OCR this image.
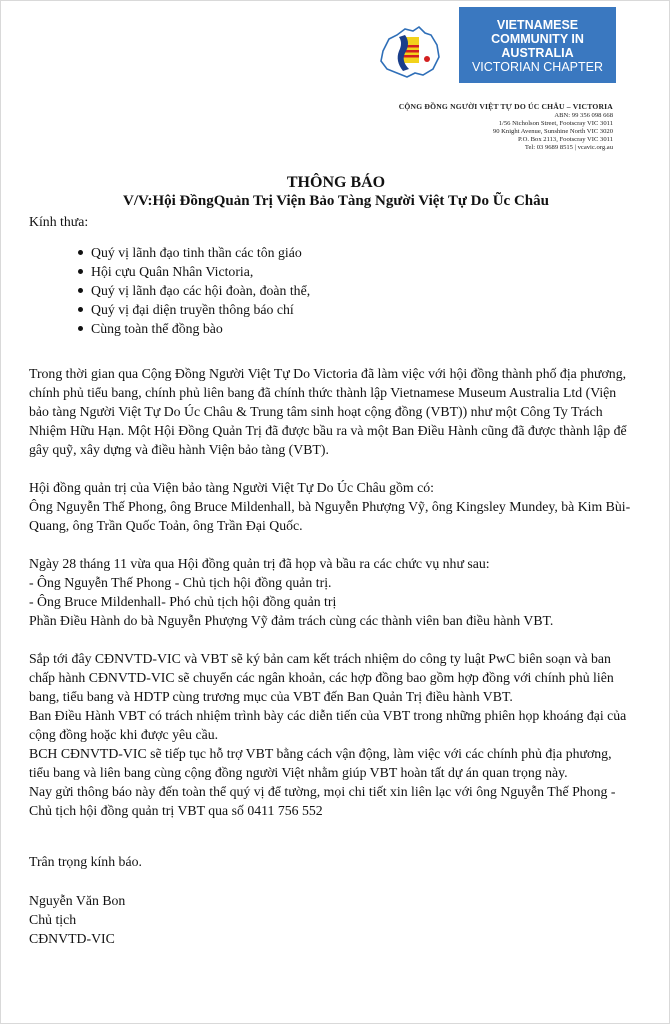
VIETNAMESE
COMMUNITY IN
AUSTRALIA
VICTORIAN CHAPTER
CỘNG ĐỒNG NGƯỜI VIỆT TỰ DO ÚC CHÂU – VICTORIA
ABN: 99 356 098 668
1/56 Nicholson Street, Footscray VIC 3011
90 Knight Avenue, Sunshine North VIC 3020
P.O. Box 2113, Footscray VIC 3011
Tel: 03 9689 8515 | vcavic.org.au
THÔNG BÁO
V/V:Hội ĐồngQuản Trị Viện Bảo Tàng Người Việt Tự Do Ũc Châu

Kính thưa:

Quý vị lãnh đạo tinh thần các tôn giáo
Hội cựu Quân Nhân Victoria,
Quý vị lãnh đạo các hội đoàn, đoàn thể,
Quý vị đại diện truyền thông báo chí
Cùng toàn thể đồng bào

Trong thời gian qua Cộng Đồng Người Việt Tự Do Victoria đã làm việc với hội đồng thành phố địa phương, chính phủ tiểu bang, chính phủ liên bang đã chính thức thành lập Vietnamese Museum Australia Ltd (Viện bảo tàng Người Việt Tự Do Úc Châu & Trung tâm sinh hoạt cộng đồng (VBT)) như một Công Ty Trách Nhiệm Hữu Hạn. Một Hội Đồng Quản Trị đã được bầu ra và một Ban Điều Hành cũng đã được thành lập để gây quỹ, xây dựng và điều hành Viện bảo tàng (VBT).

Hội đồng quản trị của Viện bảo tàng Người Việt Tự Do Úc Châu gồm có:

Ông Nguyễn Thế Phong, ông Bruce Mildenhall, bà Nguyễn Phượng Vỹ, ông Kingsley Mundey, bà Kim Bùi-Quang, ông Trần Quốc Toản, ông Trần Đại Quốc.

Ngày 28 tháng 11 vừa qua Hội đồng quản trị đã họp và bầu ra các chức vụ như sau:

- Ông Nguyễn Thế Phong - Chủ tịch hội đồng quản trị.

- Ông Bruce Mildenhall- Phó chủ tịch hội đồng quản trị

Phần Điều Hành do bà Nguyễn Phượng Vỹ đảm trách cùng các thành viên ban điều hành VBT.

Sắp tới đây CĐNVTD-VIC và VBT sẽ ký bản cam kết trách nhiệm do công ty luật PwC biên soạn và ban chấp hành CĐNVTD-VIC sẽ chuyển các ngân khoản, các hợp đồng bao gồm hợp đồng với chính phủ liên bang, tiểu bang và HDTP cùng trương mục của VBT đến Ban Quản Trị điều hành VBT.

Ban Điều Hành VBT có trách nhiệm trình bày các diễn tiến của VBT trong những phiên họp khoáng đại của cộng đồng hoặc khi được yêu cầu.

BCH CĐNVTD-VIC sẽ tiếp tục hỗ trợ VBT bằng cách vận động, làm việc với các chính phủ địa phương, tiểu bang và liên bang cùng cộng đồng người Việt nhằm giúp VBT hoàn tất dự án quan trọng này.

Nay gửi thông báo này đến toàn thể quý vị để tường, mọi chi tiết xin liên lạc với ông Nguyễn Thế Phong - Chủ tịch hội đồng quản trị VBT qua số 0411 756 552

Trân trọng kính báo.

Nguyễn Văn Bon

Chủ tịch

CĐNVTD-VIC
